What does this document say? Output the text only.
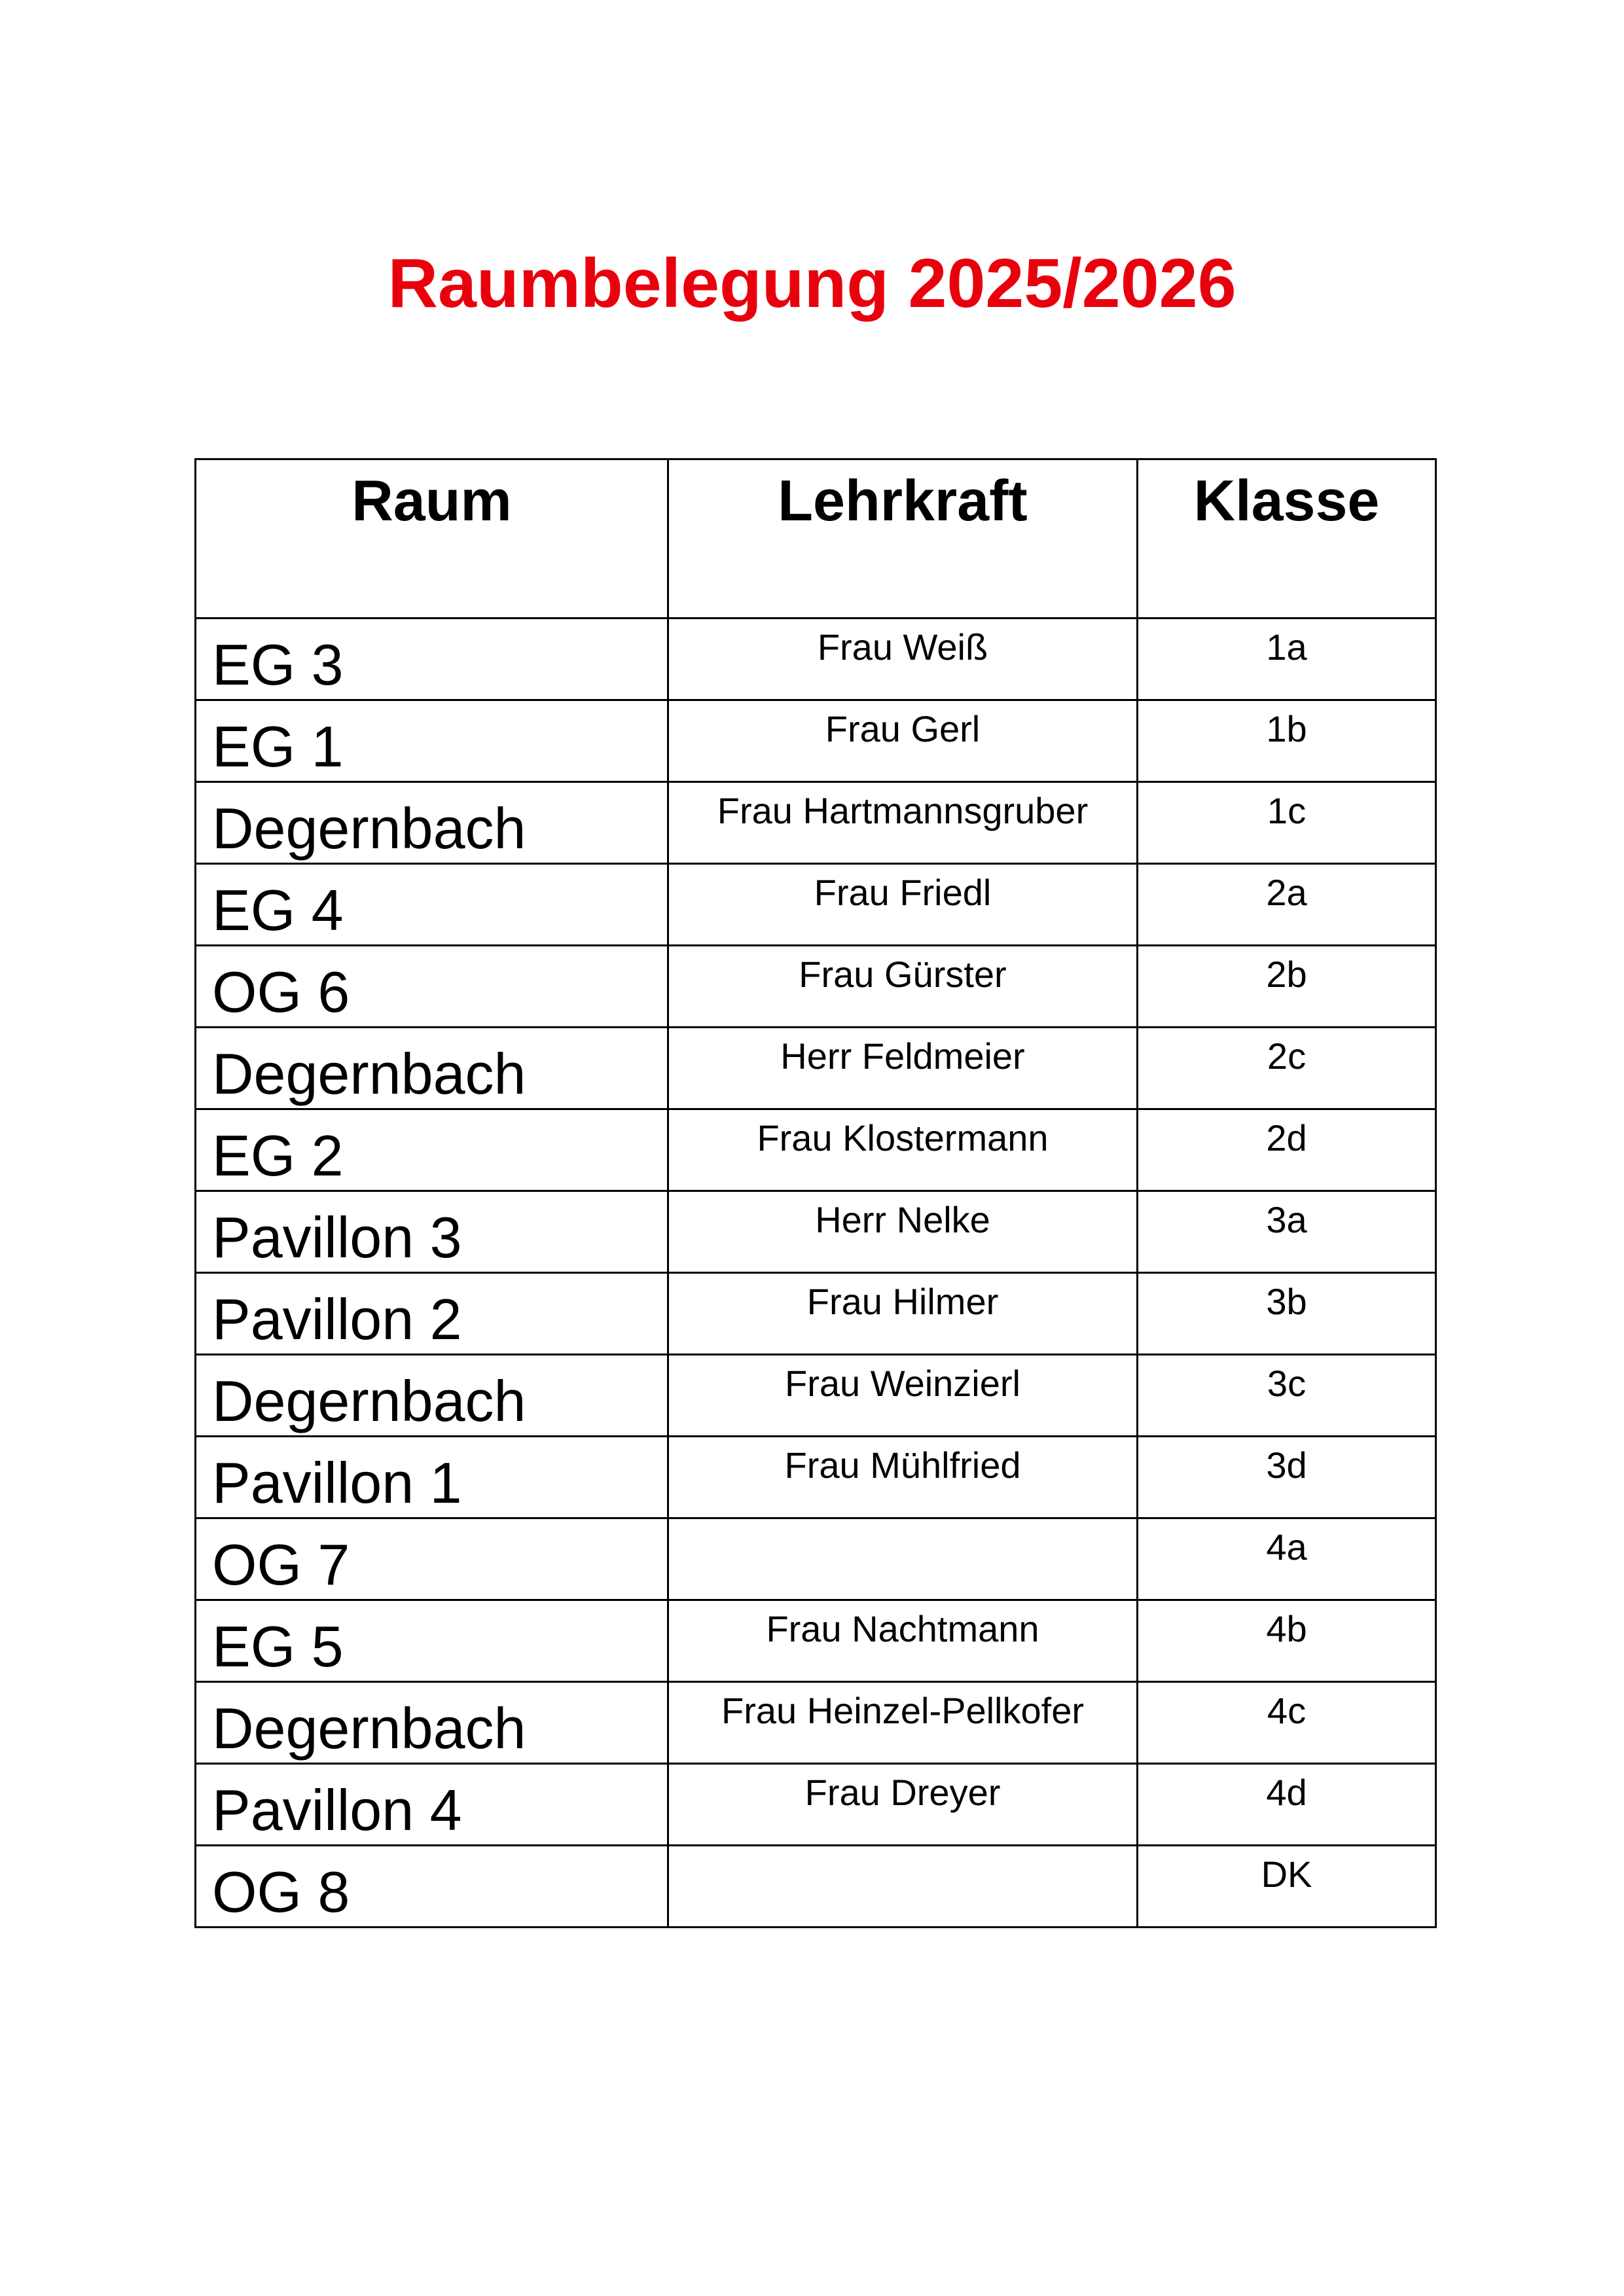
Raumbelegung 2025/2026
Raum	Lehrkraft	Klasse
EG 3	Frau Weiß	1a
EG 1	Frau Gerl	1b
Degernbach	Frau Hartmannsgruber	1c
EG 4	Frau Friedl	2a
OG 6	Frau Gürster	2b
Degernbach	Herr Feldmeier	2c
EG 2	Frau Klostermann	2d
Pavillon 3	Herr Nelke	3a
Pavillon 2	Frau Hilmer	3b
Degernbach	Frau Weinzierl	3c
Pavillon 1	Frau Mühlfried	3d
OG 7		4a
EG 5	Frau Nachtmann	4b
Degernbach	Frau Heinzel-Pellkofer	4c
Pavillon 4	Frau Dreyer	4d
OG 8		DK
